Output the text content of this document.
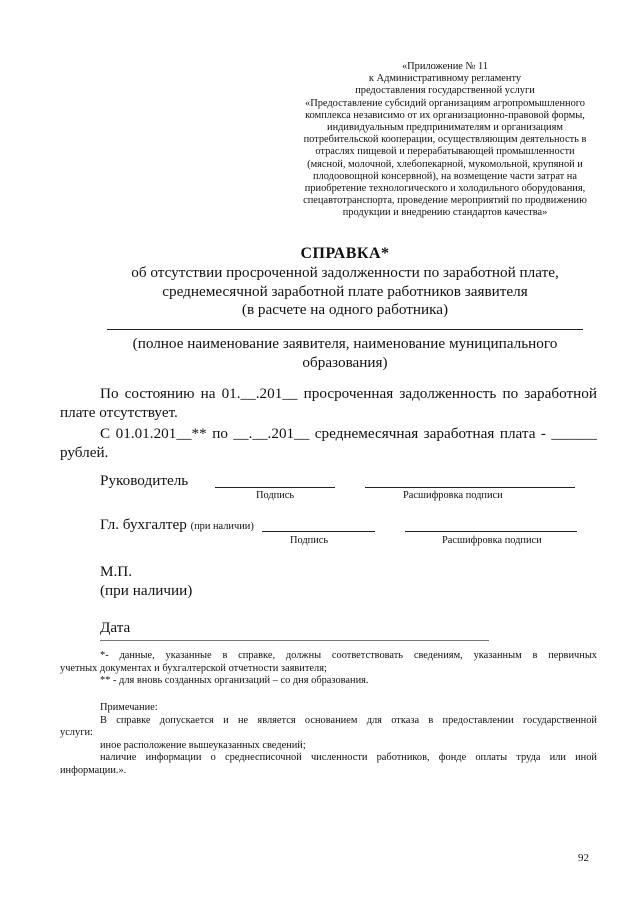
«Приложение № 11
к Административному регламенту
предоставления государственной услуги
«Предоставление субсидий организациям агропромышленного
комплекса независимо от их организационно-правовой формы,
индивидуальным предпринимателям и организациям
потребительской кооперации, осуществляющим деятельность в
отраслях пищевой и перерабатывающей промышленности
(мясной, молочной, хлебопекарной, мукомольной, крупяной и
плодоовощной консервной), на возмещение части затрат на
приобретение технологического и холодильного оборудования,
спецавтотранспорта, проведение мероприятий по продвижению
продукции и внедрению стандартов качества»
СПРАВКА*
об отсутствии просроченной задолженности по заработной плате,
среднемесячной заработной плате работников заявителя
(в расчете на одного работника)
(полное наименование заявителя, наименование муниципального
образования)
По состоянию на 01.__.201__ просроченная задолженность по заработной
плате отсутствует.
С 01.01.201__** по __.__.201__ среднемесячная заработная плата - ______
рублей.
Руководитель
Подпись	Расшифровка подписи
Гл. бухгалтер (при наличии)
Подпись	Расшифровка подписи
М.П.
(при наличии)
Дата
*- данные, указанные в справке, должны соответствовать сведениям, указанным в первичных
учетных документах и бухгалтерской отчетности заявителя;
** - для вновь созданных организаций – со дня образования.
Примечание:
В справке допускается и не является основанием для отказа в предоставлении государственной
услуги:
иное расположение вышеуказанных сведений;
наличие информации о среднесписочной численности работников, фонде оплаты труда или иной
информации.».
92
